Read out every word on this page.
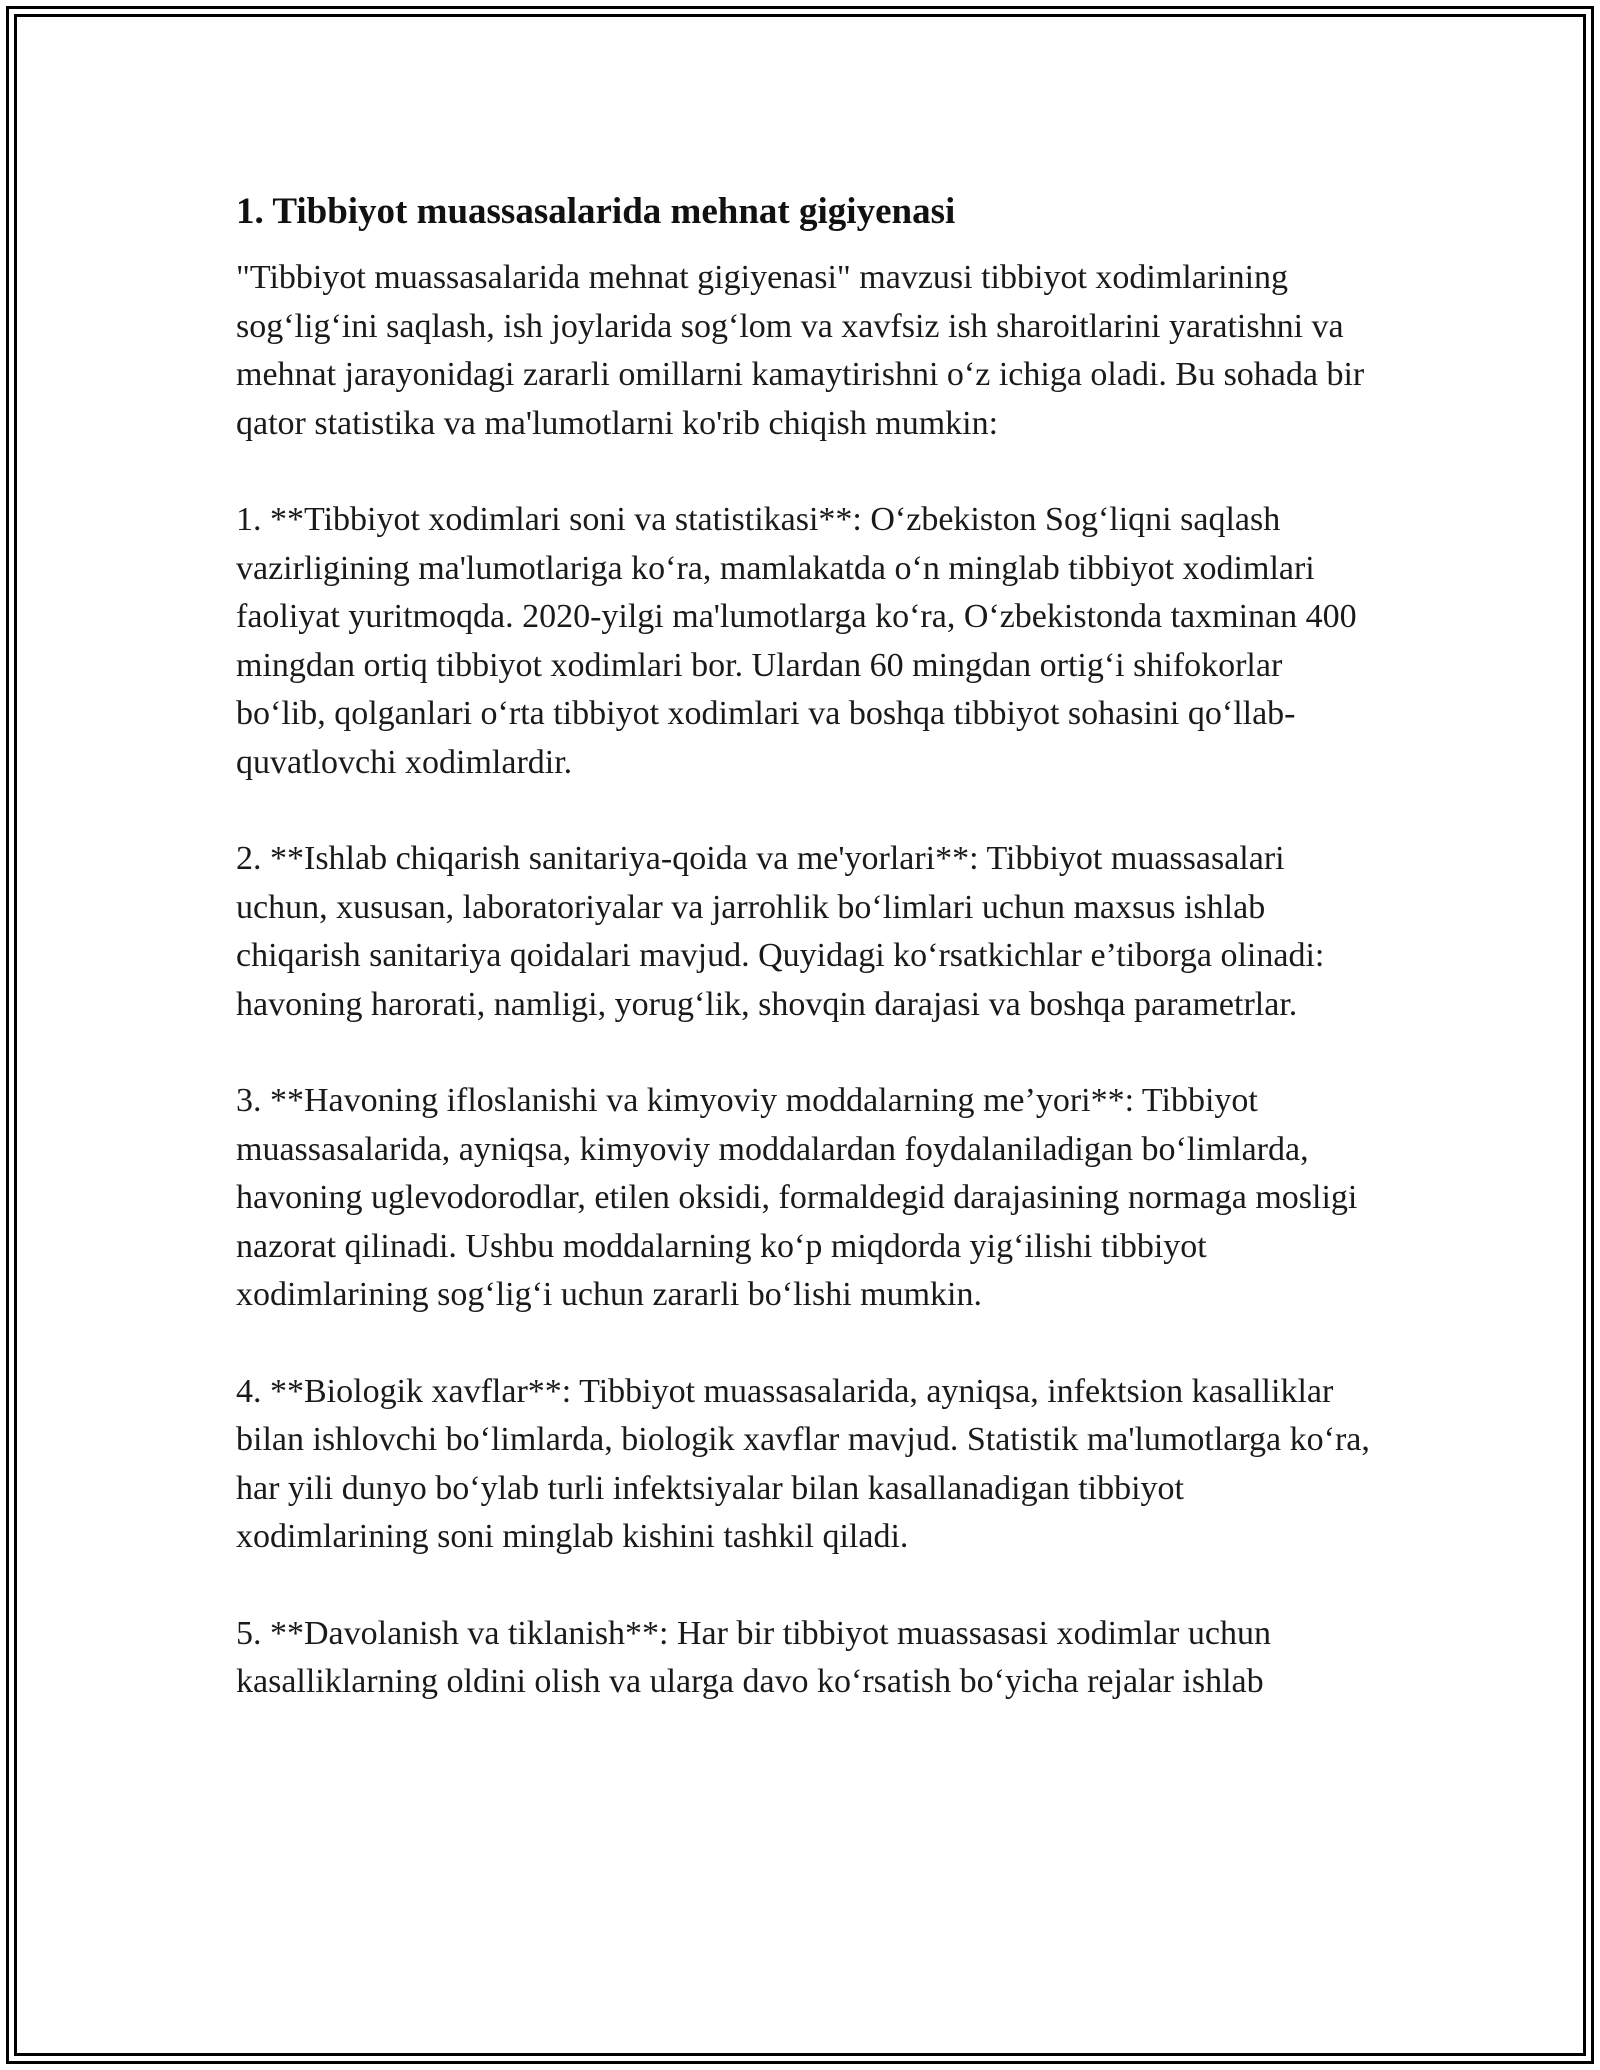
1. Tibbiyot muassasalarida mehnat gigiyenasi

"Tibbiyot muassasalarida mehnat gigiyenasi" mavzusi tibbiyot xodimlarining sog‘lig‘ini saqlash, ish joylarida sog‘lom va xavfsiz ish sharoitlarini yaratishni va mehnat jarayonidagi zararli omillarni kamaytirishni o‘z ichiga oladi. Bu sohada bir qator statistika va ma'lumotlarni ko'rib chiqish mumkin:

1. **Tibbiyot xodimlari soni va statistikasi**: O‘zbekiston Sog‘liqni saqlash vazirligining ma'lumotlariga ko‘ra, mamlakatda o‘n minglab tibbiyot xodimlari faoliyat yuritmoqda. 2020-yilgi ma'lumotlarga ko‘ra, O‘zbekistonda taxminan 400 mingdan ortiq tibbiyot xodimlari bor. Ulardan 60 mingdan ortig‘i shifokorlar bo‘lib, qolganlari o‘rta tibbiyot xodimlari va boshqa tibbiyot sohasini qo‘llab-quvatlovchi xodimlardir.

2. **Ishlab chiqarish sanitariya-qoida va me'yorlari**: Tibbiyot muassasalari uchun, xususan, laboratoriyalar va jarrohlik bo‘limlari uchun maxsus ishlab chiqarish sanitariya qoidalari mavjud. Quyidagi ko‘rsatkichlar e’tiborga olinadi: havoning harorati, namligi, yorug‘lik, shovqin darajasi va boshqa parametrlar.

3. **Havoning ifloslanishi va kimyoviy moddalarning me’yori**: Tibbiyot muassasalarida, ayniqsa, kimyoviy moddalardan foydalaniladigan bo‘limlarda, havoning uglevodorodlar, etilen oksidi, formaldegid darajasining normaga mosligi nazorat qilinadi. Ushbu moddalarning ko‘p miqdorda yig‘ilishi tibbiyot xodimlarining sog‘lig‘i uchun zararli bo‘lishi mumkin.

4. **Biologik xavflar**: Tibbiyot muassasalarida, ayniqsa, infektsion kasalliklar bilan ishlovchi bo‘limlarda, biologik xavflar mavjud. Statistik ma'lumotlarga ko‘ra, har yili dunyo bo‘ylab turli infektsiyalar bilan kasallanadigan tibbiyot xodimlarining soni minglab kishini tashkil qiladi.

5. **Davolanish va tiklanish**: Har bir tibbiyot muassasasi xodimlar uchun kasalliklarning oldini olish va ularga davo ko‘rsatish bo‘yicha rejalar ishlab
